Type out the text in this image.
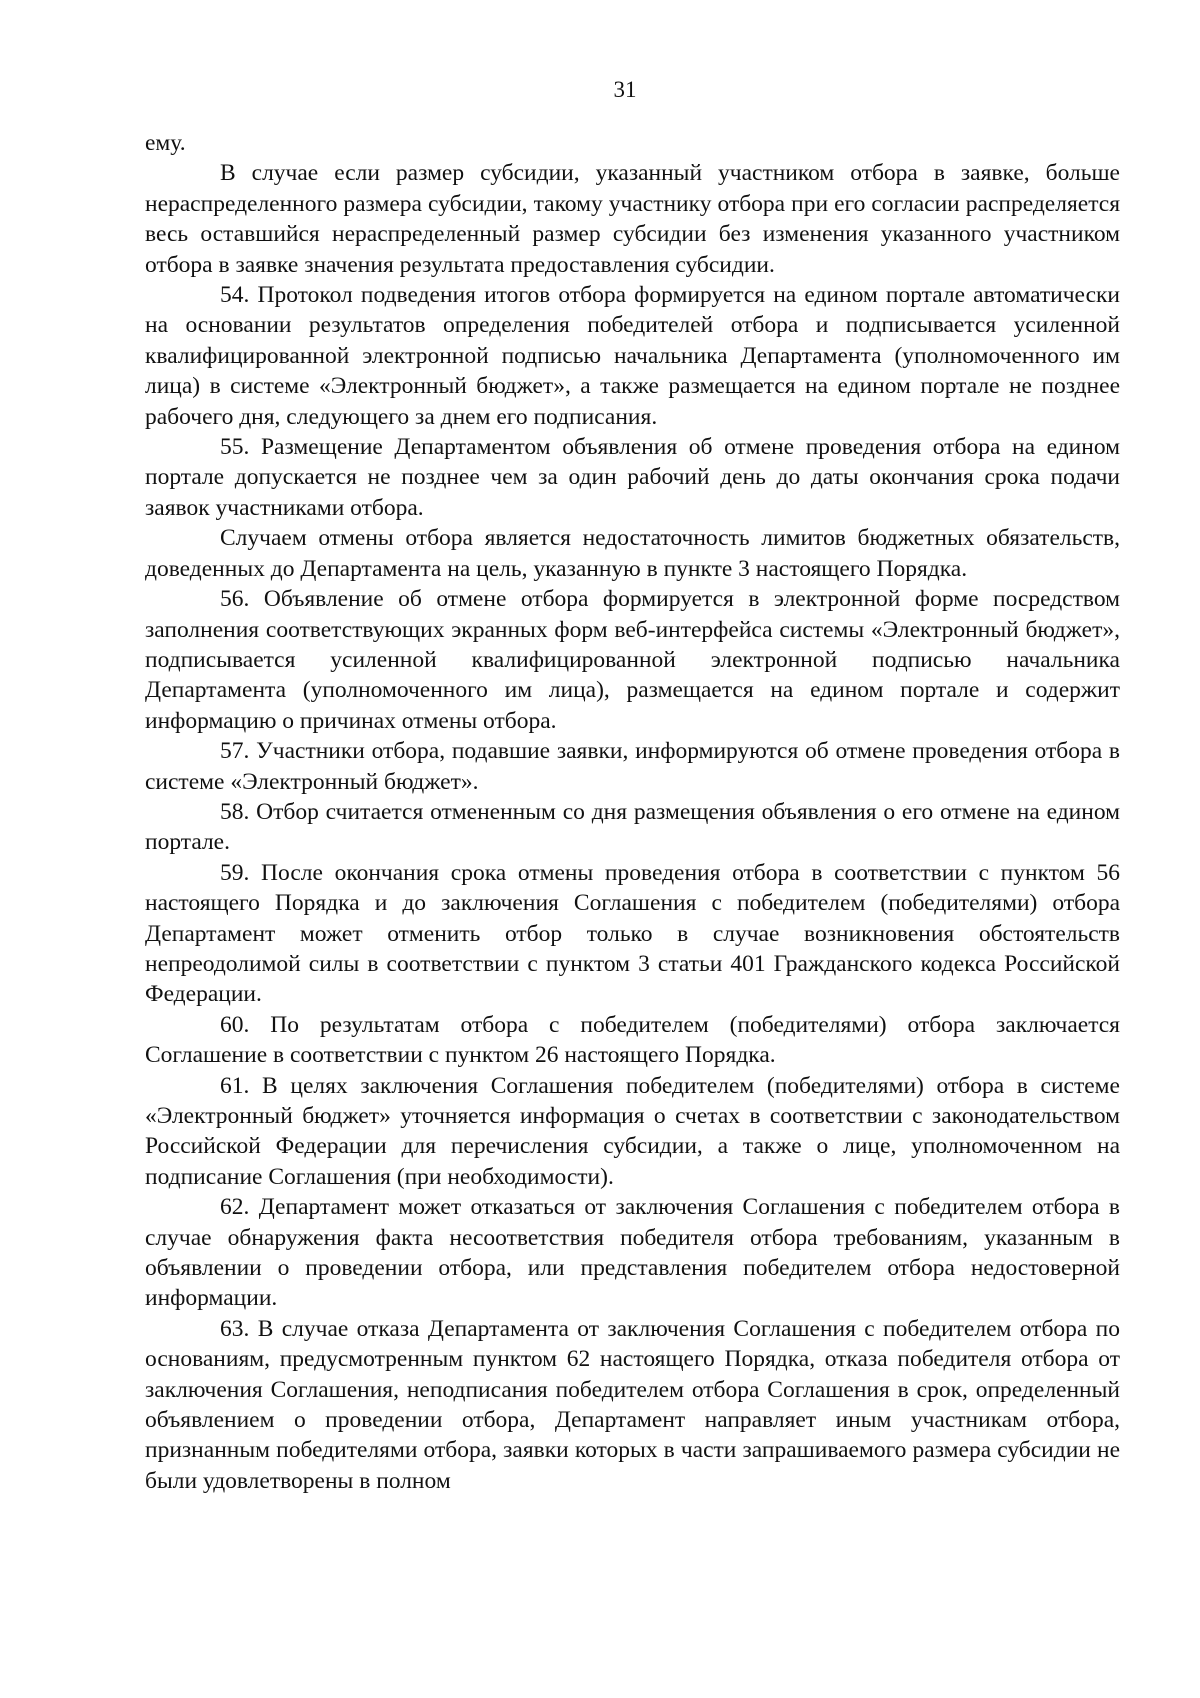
31

ему.

В случае если размер субсидии, указанный участником отбора в заявке, больше нераспределенного размера субсидии, такому участнику отбора при его согласии распределяется весь оставшийся нераспределенный размер субсидии без изменения указанного участником отбора в заявке значения результата предоставления субсидии.

54. Протокол подведения итогов отбора формируется на едином портале автоматически на основании результатов определения победителей отбора и подписывается усиленной квалифицированной электронной подписью начальника Департамента (уполномоченного им лица) в системе «Электронный бюджет», а также размещается на едином портале не позднее рабочего дня, следующего за днем его подписания.

55. Размещение Департаментом объявления об отмене проведения отбора на едином портале допускается не позднее чем за один рабочий день до даты окончания срока подачи заявок участниками отбора.

Случаем отмены отбора является недостаточность лимитов бюджетных обязательств, доведенных до Департамента на цель, указанную в пункте 3 настоящего Порядка.

56. Объявление об отмене отбора формируется в электронной форме посредством заполнения соответствующих экранных форм веб-интерфейса системы «Электронный бюджет», подписывается усиленной квалифицированной электронной подписью начальника Департамента (уполномоченного им лица), размещается на едином портале и содержит информацию о причинах отмены отбора.

57. Участники отбора, подавшие заявки, информируются об отмене проведения отбора в системе «Электронный бюджет».

58. Отбор считается отмененным со дня размещения объявления о его отмене на едином портале.

59. После окончания срока отмены проведения отбора в соответствии с пунктом 56 настоящего Порядка и до заключения Соглашения с победителем (победителями) отбора Департамент может отменить отбор только в случае возникновения обстоятельств непреодолимой силы в соответствии с пунктом 3 статьи 401 Гражданского кодекса Российской Федерации.

60. По результатам отбора с победителем (победителями) отбора заключается Соглашение в соответствии с пунктом 26 настоящего Порядка.

61. В целях заключения Соглашения победителем (победителями) отбора в системе «Электронный бюджет» уточняется информация о счетах в соответствии с законодательством Российской Федерации для перечисления субсидии, а также о лице, уполномоченном на подписание Соглашения (при необходимости).

62. Департамент может отказаться от заключения Соглашения с победителем отбора в случае обнаружения факта несоответствия победителя отбора требованиям, указанным в объявлении о проведении отбора, или представления победителем отбора недостоверной информации.

63. В случае отказа Департамента от заключения Соглашения с победителем отбора по основаниям, предусмотренным пунктом 62 настоящего Порядка, отказа победителя отбора от заключения Соглашения, неподписания победителем отбора Соглашения в срок, определенный объявлением о проведении отбора, Департамент направляет иным участникам отбора, признанным победителями отбора, заявки которых в части запрашиваемого размера субсидии не были удовлетворены в полном
